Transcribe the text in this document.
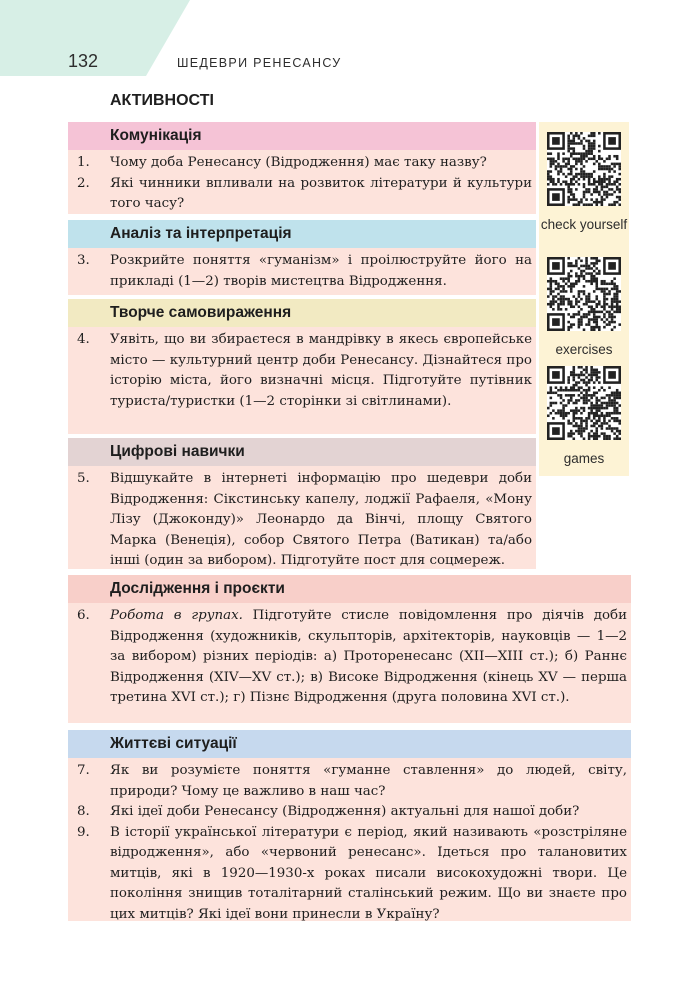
132	ШЕДЕВРИ РЕНЕСАНСУ
АКТИВНОСТІ
Комунікація
1.	Чому доба Ренесансу (Відродження) має таку назву?
2.	Які чинники впливали на розвиток літератури й культури того часу?
Аналіз та інтерпретація
3.	Розкрийте поняття «гуманізм» і проілюструйте його на прикладі (1—2) творів мистецтва Відродження.
Творче самовираження
4.	Уявіть, що ви збираєтеся в мандрівку в якесь європейське місто — культурний центр доби Ренесансу. Дізнайтеся про історію міста, його визначні місця. Підготуйте путівник туриста/туристки (1—2 сторінки зі світлинами).
Цифрові навички
5.	Відшукайте в інтернеті інформацію про шедеври доби Відродження: Сікстинську капелу, лоджії Рафаеля, «Мону Лізу (Джоконду)» Леонардо да Вінчі, площу Святого Марка (Венеція), собор Святого Петра (Ватикан) та/або інші (один за вибором). Підготуйте пост для соцмереж.
Дослідження і проєкти
6.	Робота в групах. Підготуйте стисле повідомлення про діячів доби Відродження (художників, скульпторів, архітекторів, науковців — 1—2 за вибором) різних періодів: а) Проторенесанс (XII—XIII ст.); б) Раннє Відродження (XIV—XV ст.); в) Високе Відродження (кінець XV — перша третина XVI ст.); г) Пізнє Відродження (друга половина XVI ст.).
Життєві ситуації
7.	Як ви розумієте поняття «гуманне ставлення» до людей, світу, природи? Чому це важливо в наш час?
8.	Які ідеї доби Ренесансу (Відродження) актуальні для нашої доби?
9.	В історії української літератури є період, який називають «розстріляне відродження», або «червоний ренесанс». Ідеться про талановитих митців, які в 1920—1930-х роках писали високохудожні твори. Це покоління знищив тоталітарний сталінський режим. Що ви знаєте про цих митців? Які ідеї вони принесли в Україну?
check yourself
exercises
games
